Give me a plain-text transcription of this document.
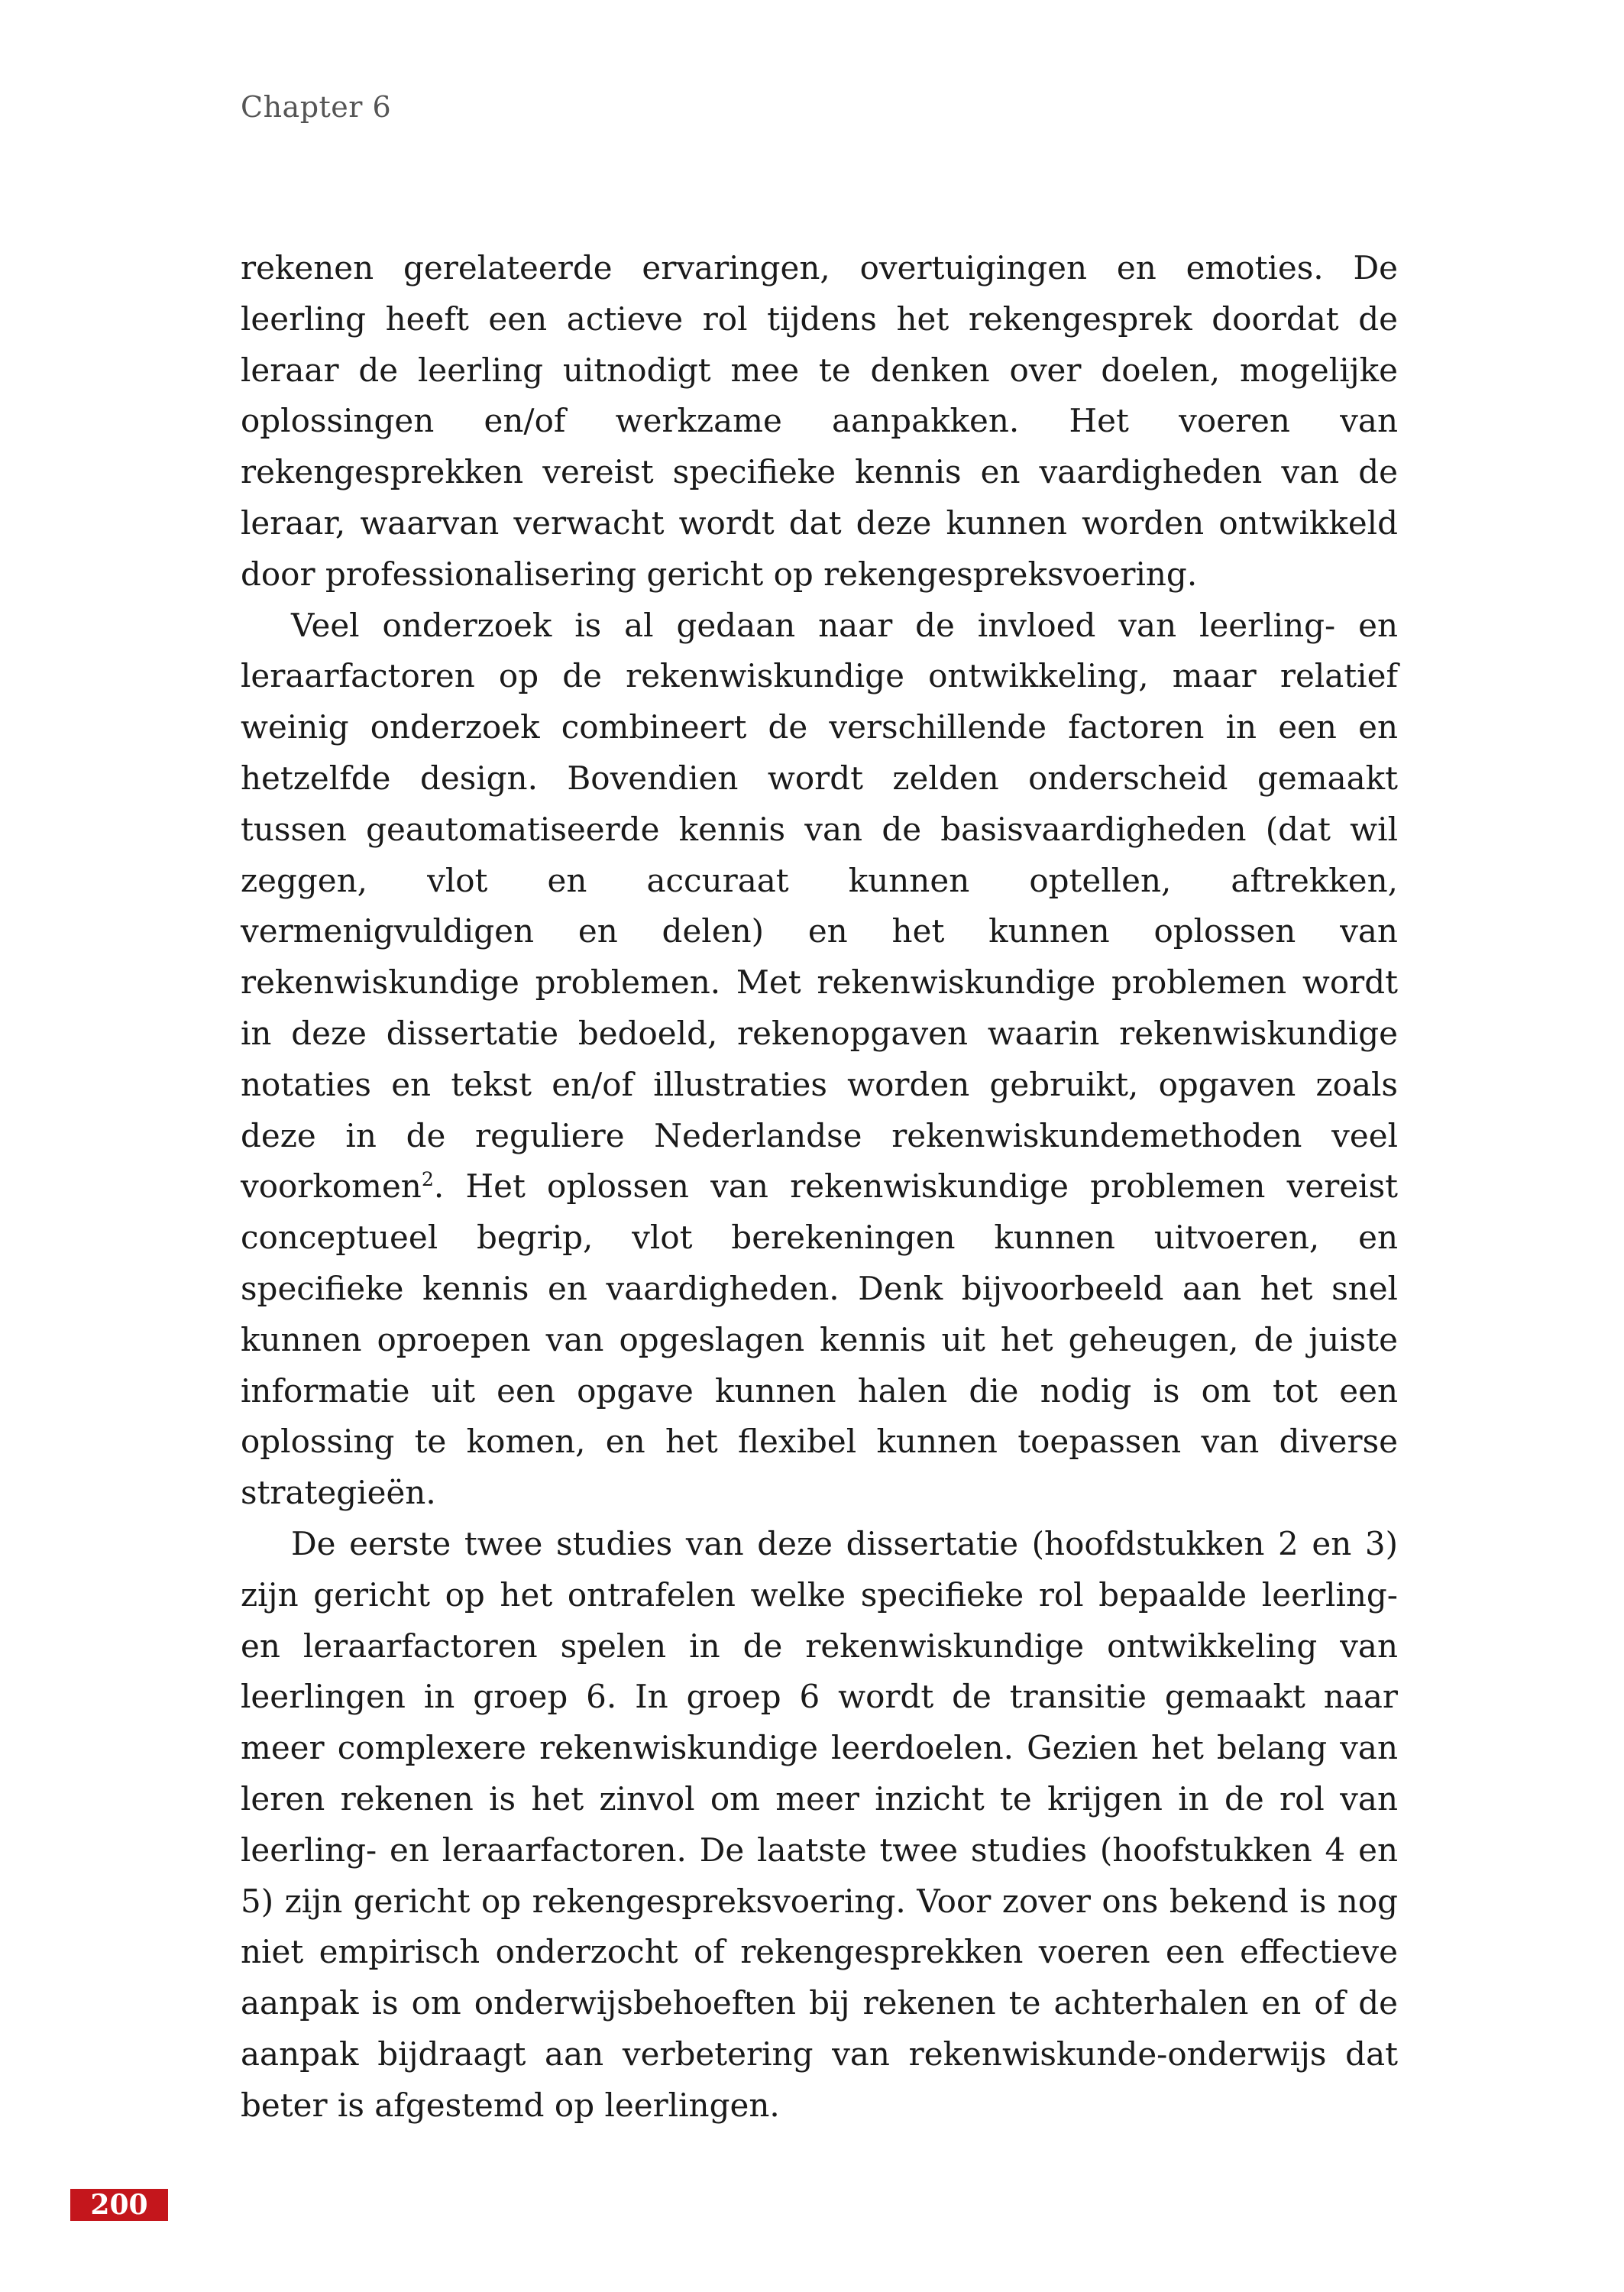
Chapter 6

rekenen gerelateerde ervaringen, overtuigingen en emoties. De leerling heeft een actieve rol tijdens het rekengesprek doordat de leraar de leerling uitnodigt mee te denken over doelen, mogelijke oplossingen en/of werkzame aanpakken. Het voeren van rekengesprekken vereist specifieke kennis en vaardigheden van de leraar, waarvan verwacht wordt dat deze kunnen worden ontwikkeld door professionalisering gericht op rekengespreksvoering.

Veel onderzoek is al gedaan naar de invloed van leerling- en leraarfactoren op de rekenwiskundige ontwikkeling, maar relatief weinig onderzoek combineert de verschillende factoren in een en hetzelfde design. Bovendien wordt zelden onderscheid gemaakt tussen geautomatiseerde kennis van de basisvaardigheden (dat wil zeggen, vlot en accuraat kunnen optellen, aftrekken, vermenigvuldigen en delen) en het kunnen oplossen van rekenwiskundige problemen. Met rekenwiskundige problemen wordt in deze dissertatie bedoeld, rekenopgaven waarin rekenwiskundige notaties en tekst en/of illustraties worden gebruikt, opgaven zoals deze in de reguliere Nederlandse rekenwiskundemethoden veel voorkomen$^2$. Het oplossen van rekenwiskundige problemen vereist conceptueel begrip, vlot berekeningen kunnen uitvoeren, en specifieke kennis en vaardigheden. Denk bijvoorbeeld aan het snel kunnen oproepen van opgeslagen kennis uit het geheugen, de juiste informatie uit een opgave kunnen halen die nodig is om tot een oplossing te komen, en het flexibel kunnen toepassen van diverse strategieën.

De eerste twee studies van deze dissertatie (hoofdstukken 2 en 3) zijn gericht op het ontrafelen welke specifieke rol bepaalde leerling- en leraarfactoren spelen in de rekenwiskundige ontwikkeling van leerlingen in groep 6. In groep 6 wordt de transitie gemaakt naar meer complexere rekenwiskundige leerdoelen. Gezien het belang van leren rekenen is het zinvol om meer inzicht te krijgen in de rol van leerling- en leraarfactoren. De laatste twee studies (hoofstukken 4 en 5) zijn gericht op rekengespreksvoering. Voor zover ons bekend is nog niet empirisch onderzocht of rekengesprekken voeren een effectieve aanpak is om onderwijsbehoeften bij rekenen te achterhalen en of de aanpak bijdraagt aan verbetering van rekenwiskunde-onderwijs dat beter is afgestemd op leerlingen.

200
